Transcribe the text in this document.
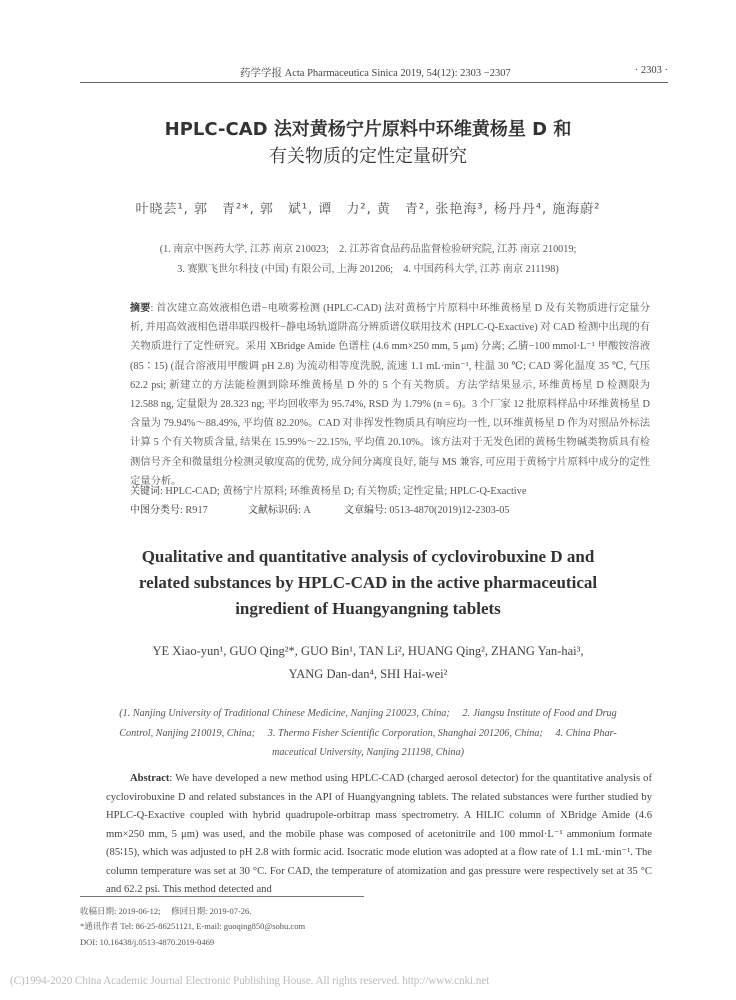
药学学报 Acta Pharmaceutica Sinica 2019, 54(12): 2303 −2307	· 2303 ·
HPLC-CAD 法对黄杨宁片原料中环维黄杨星 D 和
有关物质的定性定量研究
叶晓芸¹, 郭　青²*, 郭　斌¹, 谭　力², 黄　青², 张艳海³, 杨丹丹⁴, 施海蔚²
(1. 南京中医药大学, 江苏 南京 210023;　2. 江苏省食品药品监督检验研究院, 江苏 南京 210019;
3. 赛默飞世尔科技 (中国) 有限公司, 上海 201206;　4. 中国药科大学, 江苏 南京 211198)
摘要: 首次建立高效液相色谱−电喷雾检测 (HPLC-CAD) 法对黄杨宁片原料中环维黄杨星 D 及有关物质进行定量分析, 并用高效液相色谱串联四极杆−静电场轨道阱高分辨质谱仪联用技术 (HPLC-Q-Exactive) 对 CAD 检测中出现的有关物质进行了定性研究。采用 XBridge Amide 色谱柱 (4.6 mm×250 mm, 5 μm) 分离; 乙腈−100 mmol·L⁻¹ 甲酸铵溶液 (85∶15) (混合溶液用甲酸调 pH 2.8) 为流动相等度洗脱, 流速 1.1 mL·min⁻¹, 柱温 30 ℃; CAD 雾化温度 35 ℃, 气压 62.2 psi; 新建立的方法能检测到除环维黄杨星 D 外的 5 个有关物质。方法学结果显示, 环维黄杨星 D 检测限为 12.588 ng, 定量限为 28.323 ng; 平均回收率为 95.74%, RSD 为 1.79% (n = 6)。3 个厂家 12 批原料样品中环维黄杨星 D 含量为 79.94%～88.49%, 平均值 82.20%。CAD 对非挥发性物质具有响应均一性, 以环维黄杨星 D 作为对照品外标法计算 5 个有关物质含量, 结果在 15.99%～22.15%, 平均值 20.10%。该方法对于无发色团的黄杨生物碱类物质具有检测信号齐全和微量组分检测灵敏度高的优势, 成分间分离度良好, 能与 MS 兼容, 可应用于黄杨宁片原料中成分的定性定量分析。
关键词: HPLC-CAD; 黄杨宁片原料; 环维黄杨星 D; 有关物质; 定性定量; HPLC-Q-Exactive
中图分类号: R917	文献标识码: A	文章编号: 0513-4870(2019)12-2303-05
Qualitative and quantitative analysis of cyclovirobuxine D and
related substances by HPLC-CAD in the active pharmaceutical
ingredient of Huangyangning tablets
YE Xiao-yun¹, GUO Qing²*, GUO Bin¹, TAN Li², HUANG Qing², ZHANG Yan-hai³,
YANG Dan-dan⁴, SHI Hai-wei²
(1. Nanjing University of Traditional Chinese Medicine, Nanjing 210023, China;　 2. Jiangsu Institute of Food and Drug
Control, Nanjing 210019, China;　 3. Thermo Fisher Scientific Corporation, Shanghai 201206, China;　 4. China Phar-
maceutical University, Nanjing 211198, China)
Abstract: We have developed a new method using HPLC-CAD (charged aerosol detector) for the quantitative analysis of cyclovirobuxine D and related substances in the API of Huangyangning tablets. The related substances were further studied by HPLC-Q-Exactive coupled with hybrid quadrupole-orbitrap mass spectrometry. A HILIC column of XBridge Amide (4.6 mm×250 mm, 5 μm) was used, and the mobile phase was composed of acetonitrile and 100 mmol·L⁻¹ ammonium formate (85∶15), which was adjusted to pH 2.8 with formic acid. Isocratic mode elution was adopted at a flow rate of 1.1 mL·min⁻¹. The column temperature was set at 30 °C. For CAD, the temperature of atomization and gas pressure were respectively set at 35 °C and 62.2 psi. This method detected and
收稿日期: 2019-06-12;　 修回日期: 2019-07-26.
*通讯作者 Tel: 86-25-86251121, E-mail: guoqing850@sohu.com
DOI: 10.16438/j.0513-4870.2019-0469
(C)1994-2020 China Academic Journal Electronic Publishing House. All rights reserved. http://www.cnki.net
